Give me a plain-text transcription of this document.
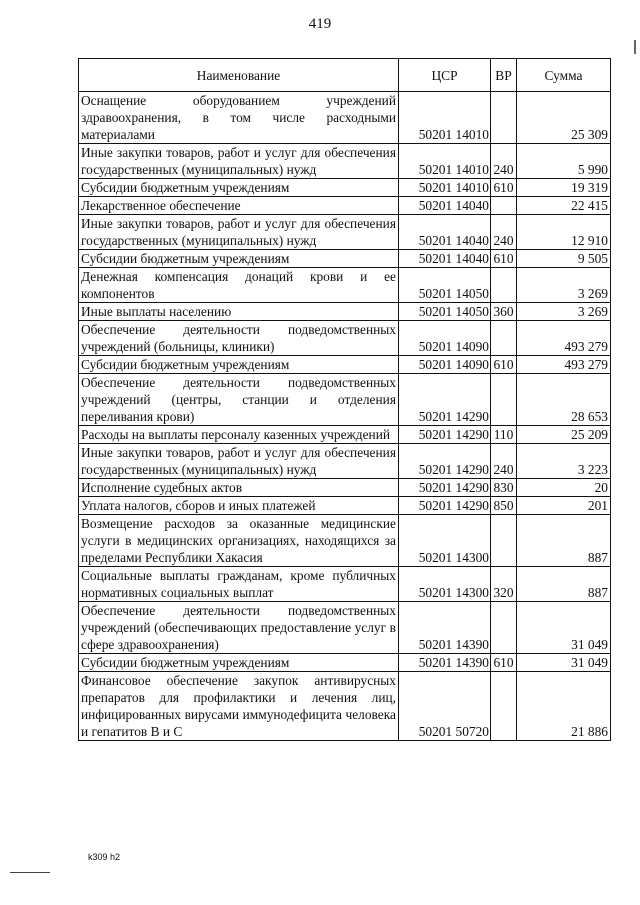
419
Наименование	ЦСР	ВР	Сумма
Оснащение оборудованием учреждений здравоохранения, в том числе расходными материалами	50201 14010		25 309
Иные закупки товаров, работ и услуг для обеспечения государственных (муниципальных) нужд	50201 14010	240	5 990
Субсидии бюджетным учреждениям	50201 14010	610	19 319
Лекарственное обеспечение	50201 14040		22 415
Иные закупки товаров, работ и услуг для обеспечения государственных (муниципальных) нужд	50201 14040	240	12 910
Субсидии бюджетным учреждениям	50201 14040	610	9 505
Денежная компенсация донаций крови и ее компонентов	50201 14050		3 269
Иные выплаты населению	50201 14050	360	3 269
Обеспечение деятельности подведомственных учреждений (больницы, клиники)	50201 14090		493 279
Субсидии бюджетным учреждениям	50201 14090	610	493 279
Обеспечение деятельности подведомственных учреждений (центры, станции и отделения переливания крови)	50201 14290		28 653
Расходы на выплаты персоналу казенных учреждений	50201 14290	110	25 209
Иные закупки товаров, работ и услуг для обеспечения государственных (муниципальных) нужд	50201 14290	240	3 223
Исполнение судебных актов	50201 14290	830	20
Уплата налогов, сборов и иных платежей	50201 14290	850	201
Возмещение расходов за оказанные медицинские услуги в медицинских организациях, находящихся за пределами Республики Хакасия	50201 14300		887
Социальные выплаты гражданам, кроме публичных нормативных социальных выплат	50201 14300	320	887
Обеспечение деятельности подведомственных учреждений (обеспечивающих предоставление услуг в сфере здравоохранения)	50201 14390		31 049
Субсидии бюджетным учреждениям	50201 14390	610	31 049
Финансовое обеспечение закупок антивирусных препаратов для профилактики и лечения лиц, инфицированных вирусами иммунодефицита человека и гепатитов B и C	50201 50720		21 886
k309 h2
